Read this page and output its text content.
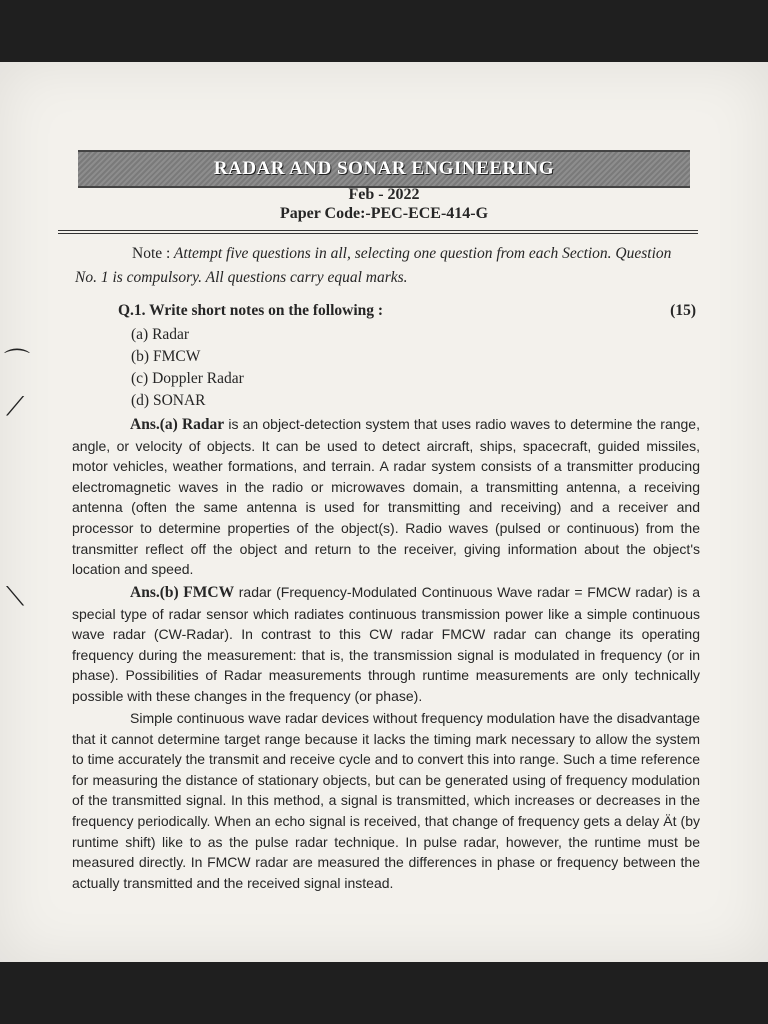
RADAR AND SONAR ENGINEERING
Feb - 2022
Paper Code:-PEC-ECE-414-G
Note : Attempt five questions in all, selecting one question from each Section. Question No. 1 is compulsory. All questions carry equal marks.
Q.1. Write short notes on the following :	(15)
(a) Radar
(b) FMCW
(c) Doppler Radar
(d) SONAR
Ans.(a) Radar is an object-detection system that uses radio waves to determine the range, angle, or velocity of objects. It can be used to detect aircraft, ships, spacecraft, guided missiles, motor vehicles, weather formations, and terrain. A radar system consists of a transmitter producing electromagnetic waves in the radio or microwaves domain, a transmitting antenna, a receiving antenna (often the same antenna is used for transmitting and receiving) and a receiver and processor to determine properties of the object(s). Radio waves (pulsed or continuous) from the transmitter reflect off the object and return to the receiver, giving information about the object's location and speed.
Ans.(b) FMCW radar (Frequency-Modulated Continuous Wave radar = FMCW radar) is a special type of radar sensor which radiates continuous transmission power like a simple continuous wave radar (CW-Radar). In contrast to this CW radar FMCW radar can change its operating frequency during the measurement: that is, the transmission signal is modulated in frequency (or in phase). Possibilities of Radar measurements through runtime measurements are only technically possible with these changes in the frequency (or phase).
Simple continuous wave radar devices without frequency modulation have the disadvantage that it cannot determine target range because it lacks the timing mark necessary to allow the system to time accurately the transmit and receive cycle and to convert this into range. Such a time reference for measuring the distance of stationary objects, but can be generated using of frequency modulation of the transmitted signal. In this method, a signal is transmitted, which increases or decreases in the frequency periodically. When an echo signal is received, that change of frequency gets a delay Ät (by runtime shift) like to as the pulse radar technique. In pulse radar, however, the runtime must be measured directly. In FMCW radar are measured the differences in phase or frequency between the actually transmitted and the received signal instead.
⌒
⟋
⟍
